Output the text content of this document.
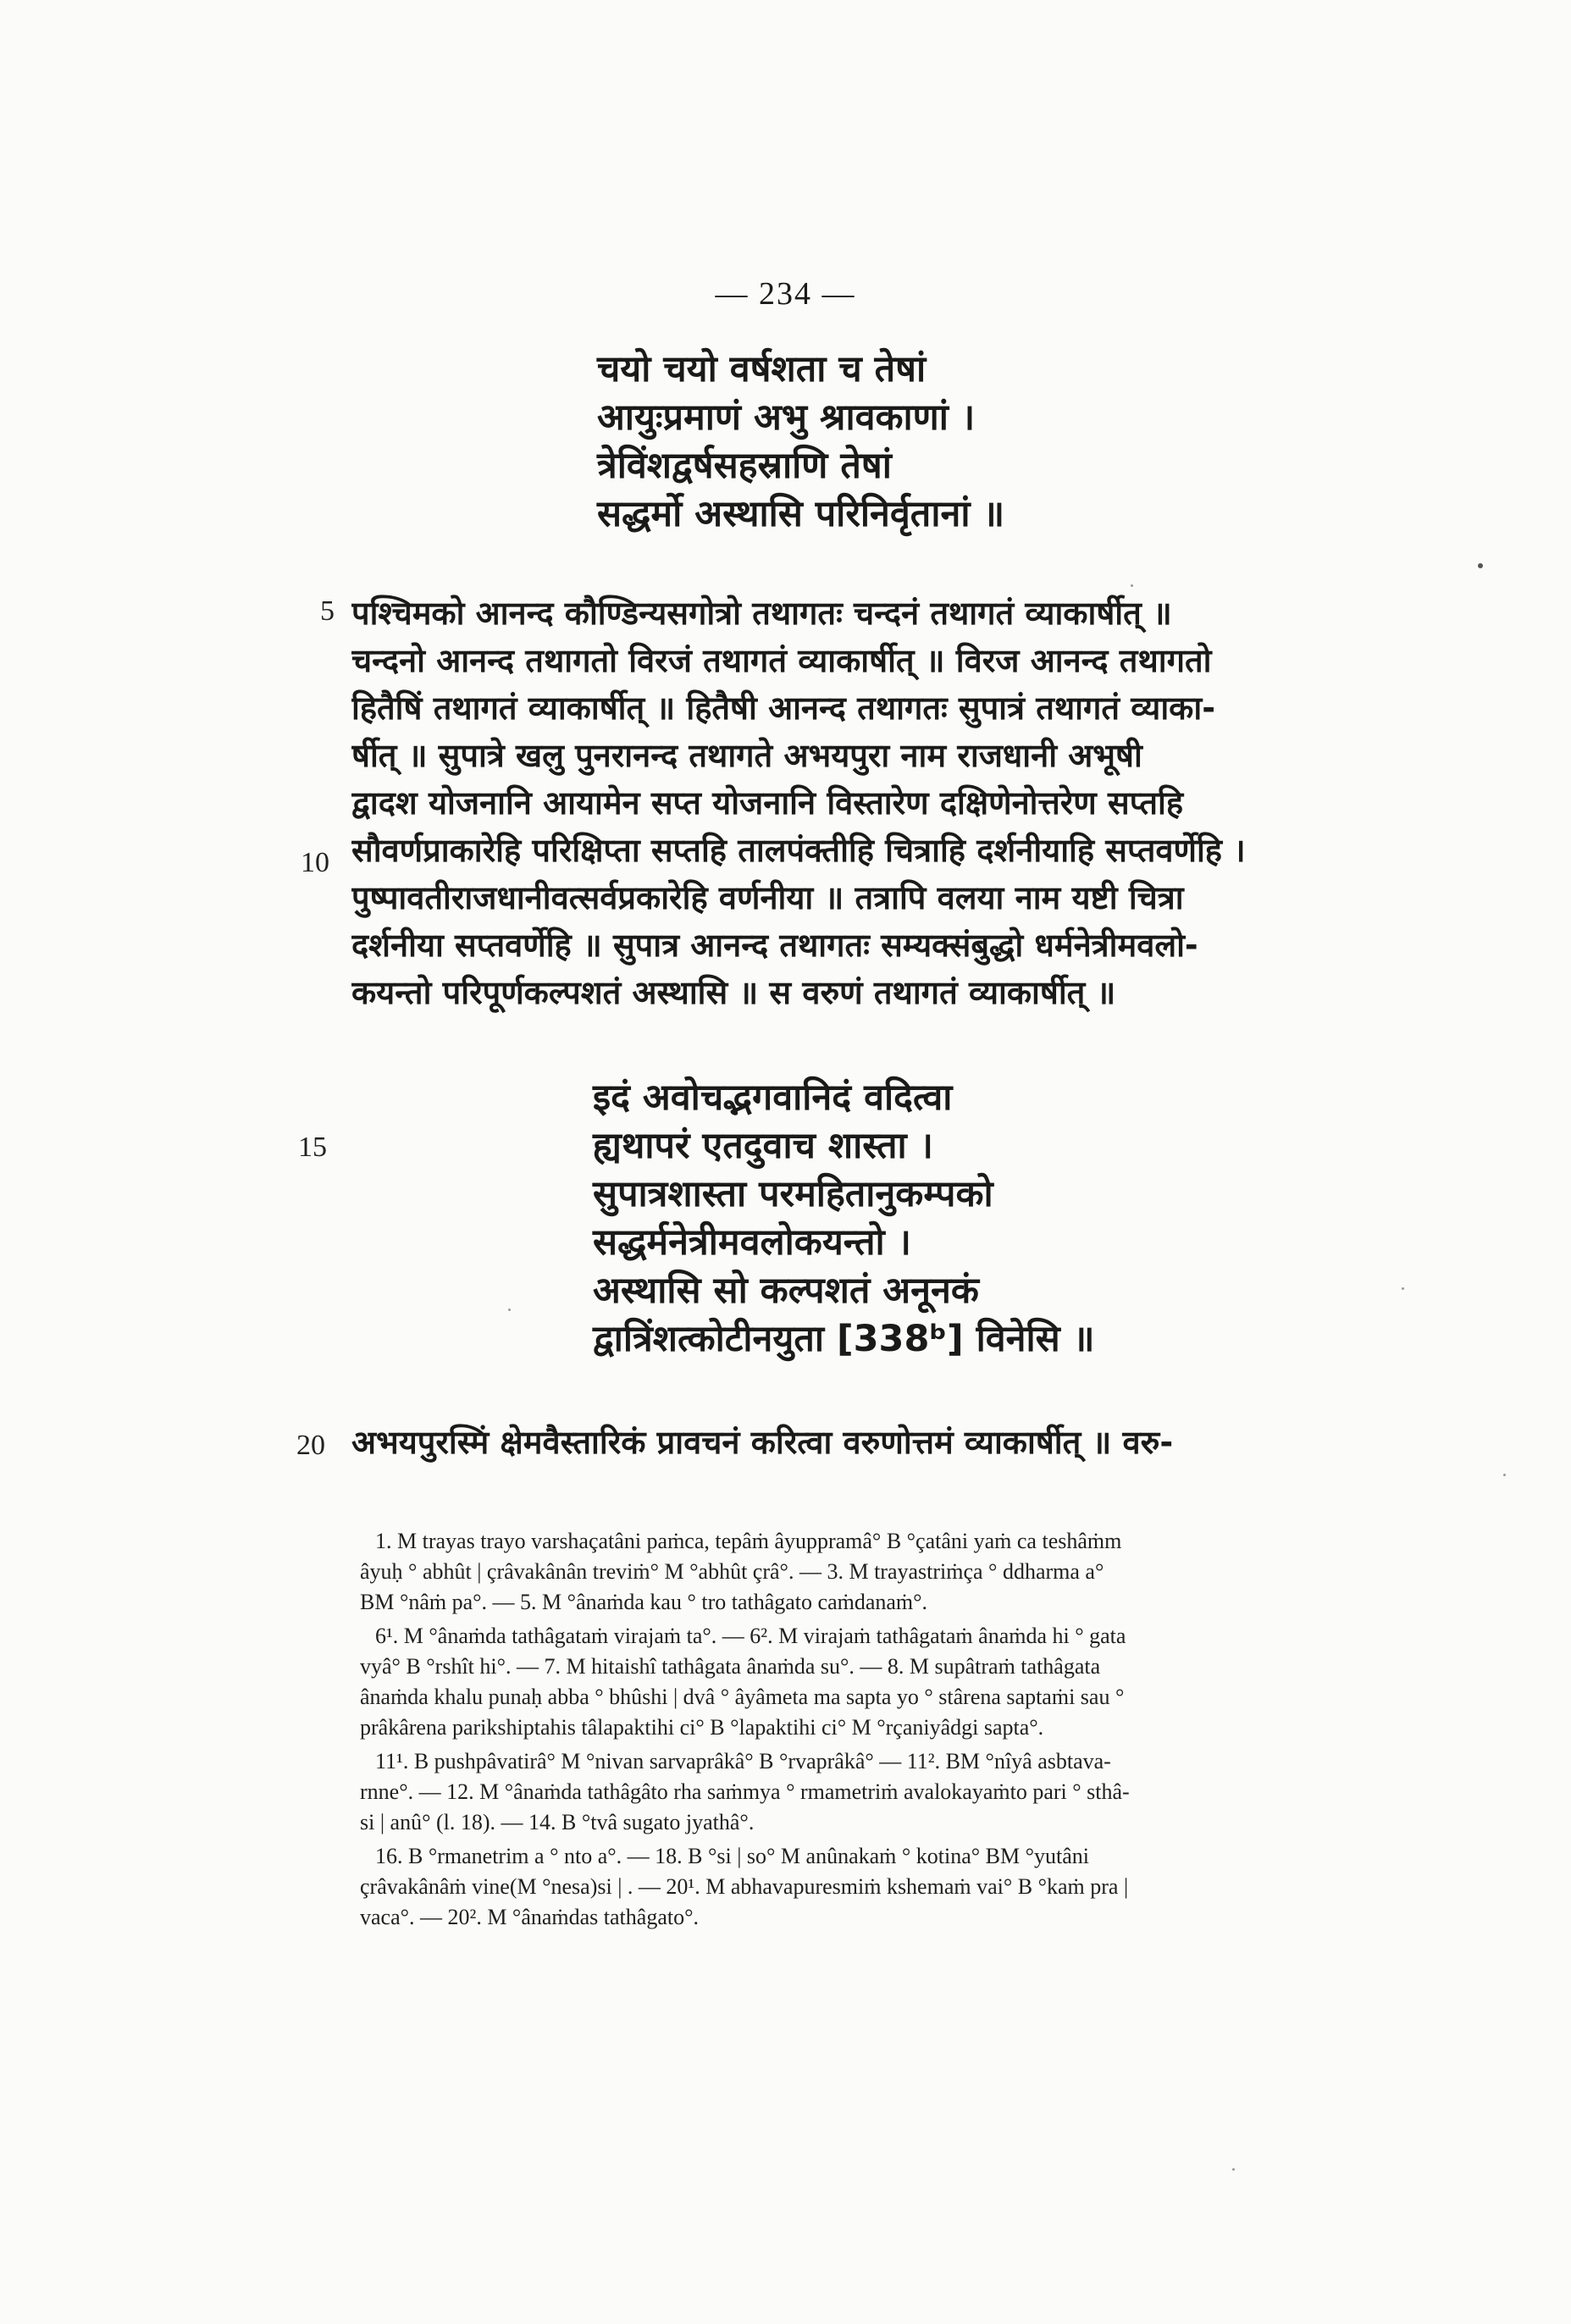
— 234 —
चयो चयो वर्षशता च तेषां
आयुःप्रमाणं अभु श्रावकाणां ।
त्रेविंशद्वर्षसहस्राणि तेषां
सद्धर्मो अस्थासि परिनिर्वृतानां ॥
5 पश्चिमको आनन्द कौण्डिन्यसगोत्रो तथागतः चन्दनं तथागतं व्याकार्षीत् ॥
चन्दनो आनन्द तथागतो विरजं तथागतं व्याकार्षीत् ॥ विरज आनन्द तथागतो
हितैषिं तथागतं व्याकार्षीत् ॥ हितैषी आनन्द तथागतः सुपात्रं तथागतं व्याका-
र्षीत् ॥ सुपात्रे खलु पुनरानन्द तथागते अभयपुरा नाम राजधानी अभूषी
द्वादश योजनानि आयामेन सप्त योजनानि विस्तारेण दक्षिणेनोत्तरेण सप्तहि
सौवर्णप्राकारेहि परिक्षिप्ता सप्तहि तालपंक्तीहि चित्राहि दर्शनीयाहि सप्तवर्णेहि ।
पुष्पावतीराजधानीवत्सर्वप्रकारेहि वर्णनीया ॥ तत्रापि वलया नाम यष्टी चित्रा
दर्शनीया सप्तवर्णेहि ॥ सुपात्र आनन्द तथागतः सम्यक्संबुद्धो धर्मनेत्रीमवलो-
कयन्तो परिपूर्णकल्पशतं अस्थासि ॥ स वरुणं तथागतं व्याकार्षीत् ॥
10
इदं अवोचद्भगवानिदं वदित्वा
ह्यथापरं एतदुवाच शास्ता ।
सुपात्रशास्ता परमहितानुकम्पको
सद्धर्मनेत्रीमवलोकयन्तो ।
अस्थासि सो कल्पशतं अनूनकं
द्वात्रिंशत्कोटीनयुता [338ᵇ] विनेसि ॥
15
अभयपुरस्मिं क्षेमवैस्तारिकं प्रावचनं करित्वा वरुणोत्तमं व्याकार्षीत् ॥ वरु-
20
1. M trayas trayo varshaçatâni paṁca, tepâṁ âyuppramâ° B °çatâni yaṁ ca teshâṁm
âyuḥ ° abhût | çrâvakânân treviṁ° M °abhût çrâ°. — 3. M trayastriṁça ° ddharma a°
BM °nâṁ pa°. — 5. M °ânaṁda kau ° tro tathâgato caṁdanaṁ°.
6¹. M °ânaṁda tathâgataṁ virajaṁ ta°. — 6². M virajaṁ tathâgataṁ ânaṁda hi ° gata
vyâ° B °rshît hi°. — 7. M hitaishî tathâgata ânaṁda su°. — 8. M supâtraṁ tathâgata
ânaṁda khalu punaḥ abba ° bhûshi | dvâ ° âyâmeta ma sapta yo ° stârena saptaṁi sau °
prâkârena parikshiptahis tâlapaktihi ci° B °lapaktihi ci° M °rçaniyâdgi sapta°.
11¹. B pushpâvatirâ° M °nivan sarvaprâkâ° B °rvaprâkâ° — 11². BM °nîyâ asbtava-
rnne°. — 12. M °ânaṁda tathâgâto rha saṁmya ° rmametriṁ avalokayaṁto pari ° sthâ-
si | anû° (l. 18). — 14. B °tvâ sugato jyathâ°.
16. B °rmanetrim a ° nto a°. — 18. B °si | so° M anûnakaṁ ° kotina° BM °yutâni
çrâvakânâṁ vine(M °nesa)si | . — 20¹. M abhavapuresmiṁ kshemaṁ vai° B °kaṁ pra |
vaca°. — 20². M °ânaṁdas tathâgato°.
